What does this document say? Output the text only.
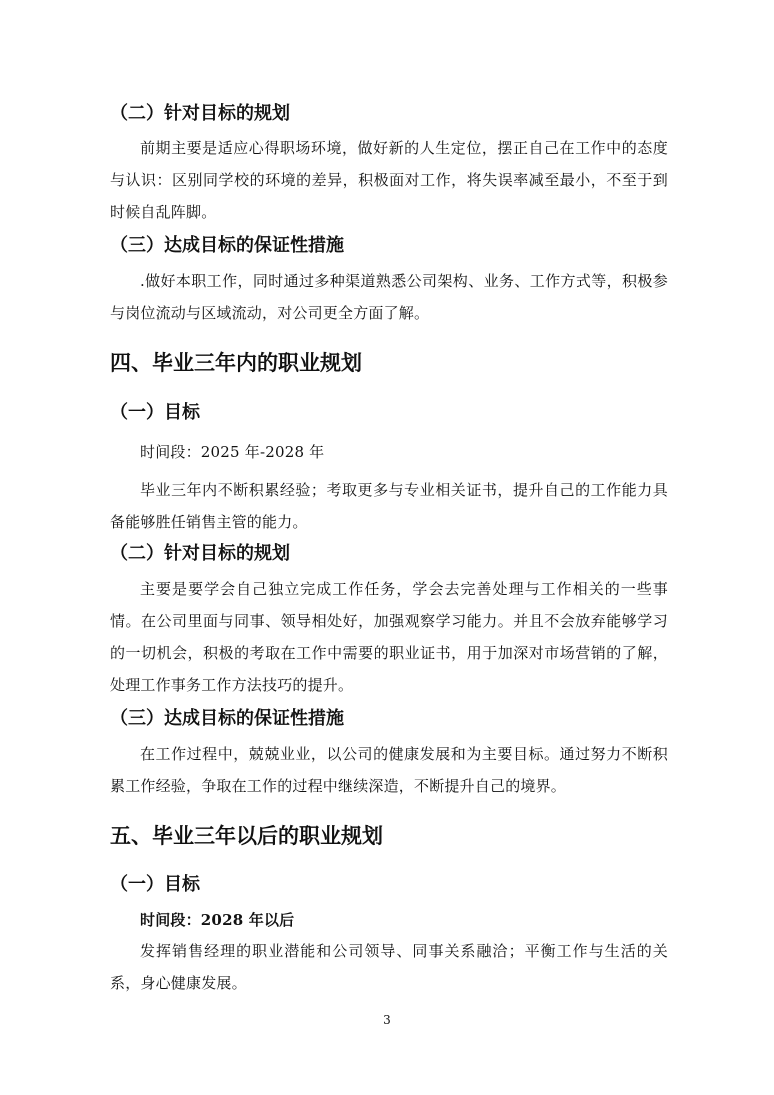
（二）针对目标的规划

前期主要是适应心得职场环境，做好新的人生定位，摆正自己在工作中的态度与认识：区别同学校的环境的差异，积极面对工作，将失误率减至最小，不至于到时候自乱阵脚。

（三）达成目标的保证性措施

.做好本职工作，同时通过多种渠道熟悉公司架构、业务、工作方式等，积极参与岗位流动与区域流动，对公司更全方面了解。

四、毕业三年内的职业规划
（一）目标

时间段：2025 年-2028 年

毕业三年内不断积累经验；考取更多与专业相关证书，提升自己的工作能力具备能够胜任销售主管的能力。

（二）针对目标的规划

主要是要学会自己独立完成工作任务，学会去完善处理与工作相关的一些事情。在公司里面与同事、领导相处好，加强观察学习能力。并且不会放弃能够学习的一切机会，积极的考取在工作中需要的职业证书，用于加深对市场营销的了解，处理工作事务工作方法技巧的提升。

（三）达成目标的保证性措施

在工作过程中，兢兢业业，以公司的健康发展和为主要目标。通过努力不断积累工作经验，争取在工作的过程中继续深造，不断提升自己的境界。

五、毕业三年以后的职业规划
（一）目标

时间段：2028 年以后

发挥销售经理的职业潜能和公司领导、同事关系融洽；平衡工作与生活的关系，身心健康发展。

3
